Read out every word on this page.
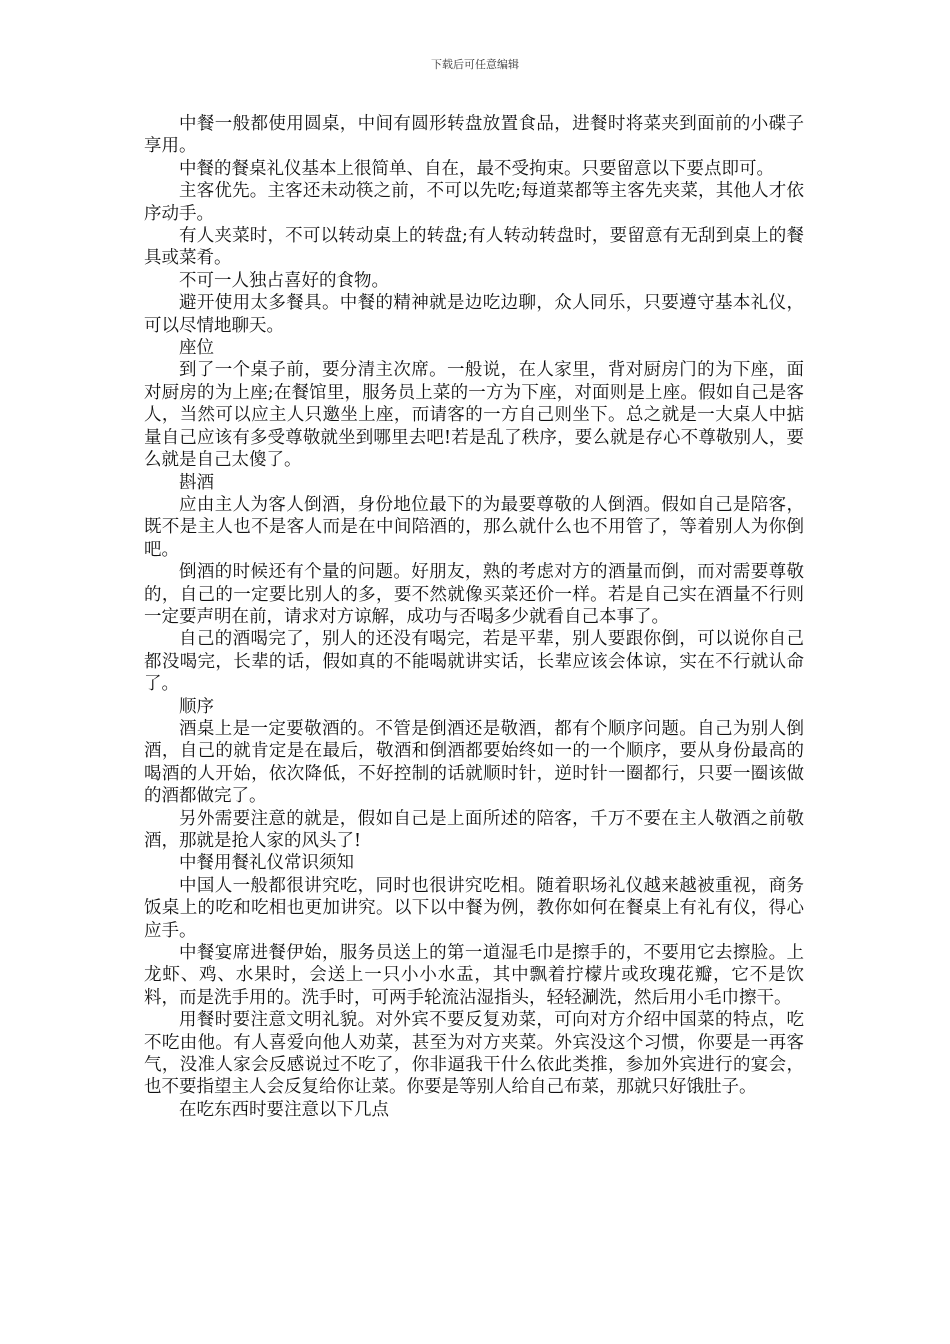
下载后可任意编辑

中餐一般都使用圆桌，中间有圆形转盘放置食品，进餐时将菜夹到面前的小碟子享用。

中餐的餐桌礼仪基本上很简单、自在，最不受拘束。只要留意以下要点即可。

主客优先。主客还未动筷之前，不可以先吃;每道菜都等主客先夹菜，其他人才依序动手。

有人夹菜时，不可以转动桌上的转盘;有人转动转盘时，要留意有无刮到桌上的餐具或菜肴。

不可一人独占喜好的食物。

避开使用太多餐具。中餐的精神就是边吃边聊，众人同乐，只要遵守基本礼仪，可以尽情地聊天。

座位

到了一个桌子前，要分清主次席。一般说，在人家里，背对厨房门的为下座，面对厨房的为上座;在餐馆里，服务员上菜的一方为下座，对面则是上座。假如自己是客人，当然可以应主人只邀坐上座，而请客的一方自己则坐下。总之就是一大桌人中掂量自己应该有多受尊敬就坐到哪里去吧!若是乱了秩序，要么就是存心不尊敬别人，要么就是自己太傻了。

斟酒

应由主人为客人倒酒，身份地位最下的为最要尊敬的人倒酒。假如自己是陪客，既不是主人也不是客人而是在中间陪酒的，那么就什么也不用管了，等着别人为你倒吧。

倒酒的时候还有个量的问题。好朋友，熟的考虑对方的酒量而倒，而对需要尊敬的，自己的一定要比别人的多，要不然就像买菜还价一样。若是自己实在酒量不行则一定要声明在前，请求对方谅解，成功与否喝多少就看自己本事了。

自己的酒喝完了，别人的还没有喝完，若是平辈，别人要跟你倒，可以说你自己都没喝完，长辈的话，假如真的不能喝就讲实话，长辈应该会体谅，实在不行就认命了。

顺序

酒桌上是一定要敬酒的。不管是倒酒还是敬酒，都有个顺序问题。自己为别人倒酒，自己的就肯定是在最后，敬酒和倒酒都要始终如一的一个顺序，要从身份最高的喝酒的人开始，依次降低，不好控制的话就顺时针，逆时针一圈都行，只要一圈该做的酒都做完了。

另外需要注意的就是，假如自己是上面所述的陪客，千万不要在主人敬酒之前敬酒，那就是抢人家的风头了!

中餐用餐礼仪常识须知

中国人一般都很讲究吃，同时也很讲究吃相。随着职场礼仪越来越被重视，商务饭桌上的吃和吃相也更加讲究。以下以中餐为例，教你如何在餐桌上有礼有仪，得心应手。

中餐宴席进餐伊始，服务员送上的第一道湿毛巾是擦手的，不要用它去擦脸。上龙虾、鸡、水果时，会送上一只小小水盂，其中飘着拧檬片或玫瑰花瓣，它不是饮料，而是洗手用的。洗手时，可两手轮流沾湿指头，轻轻涮洗，然后用小毛巾擦干。

用餐时要注意文明礼貌。对外宾不要反复劝菜，可向对方介绍中国菜的特点，吃不吃由他。有人喜爱向他人劝菜，甚至为对方夹菜。外宾没这个习惯，你要是一再客气，没准人家会反感说过不吃了，你非逼我干什么依此类推，参加外宾进行的宴会，也不要指望主人会反复给你让菜。你要是等别人给自己布菜，那就只好饿肚子。

在吃东西时要注意以下几点
